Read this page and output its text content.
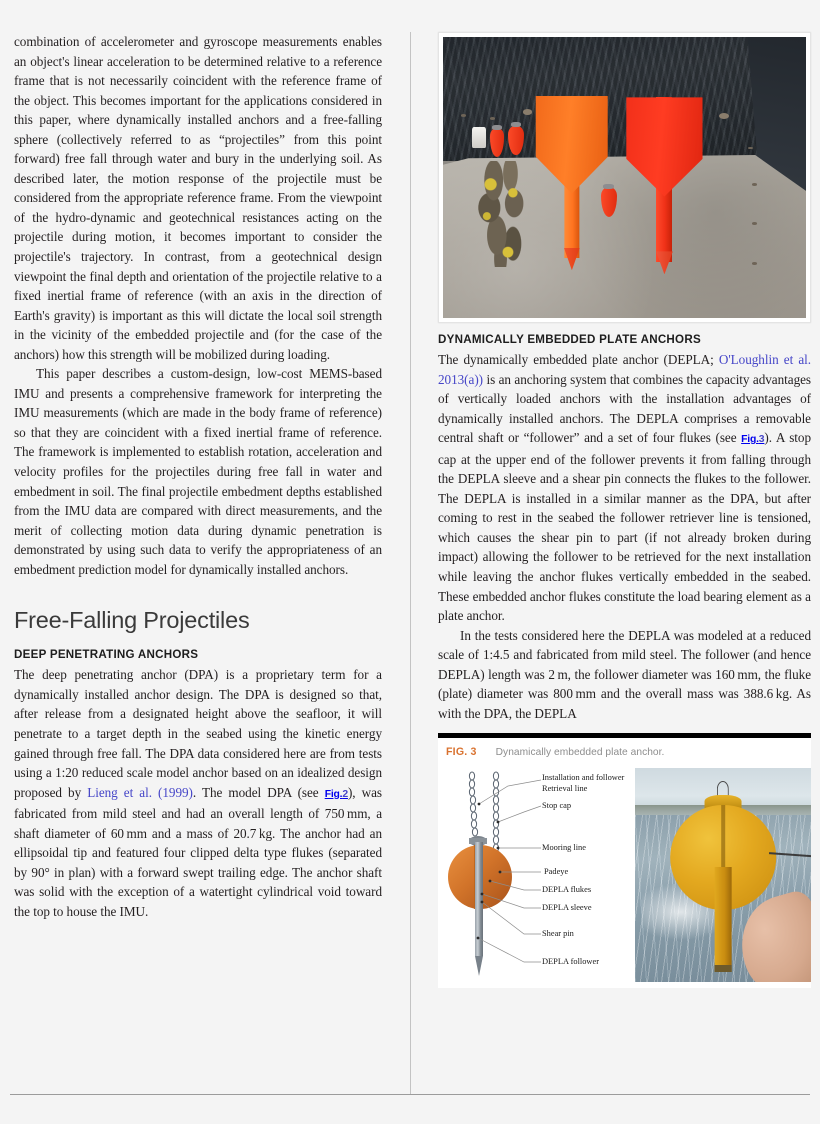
combination of accelerometer and gyroscope measurements enables an object's linear acceleration to be determined relative to a reference frame that is not necessarily coincident with the reference frame of the object. This becomes important for the applications considered in this paper, where dynamically installed anchors and a free-falling sphere (collectively referred to as “projectiles” from this point forward) free fall through water and bury in the underlying soil. As described later, the motion response of the projectile must be considered from the appropriate reference frame. From the viewpoint of the hydro-dynamic and geotechnical resistances acting on the projectile during motion, it becomes important to consider the projectile's trajectory. In contrast, from a geotechnical design viewpoint the final depth and orientation of the projectile relative to a fixed inertial frame of reference (with an axis in the direction of Earth's gravity) is important as this will dictate the local soil strength in the vicinity of the embedded projectile and (for the case of the anchors) how this strength will be mobilized during loading.

This paper describes a custom-design, low-cost MEMS-based IMU and presents a comprehensive framework for interpreting the IMU measurements (which are made in the body frame of reference) so that they are coincident with a fixed inertial frame of reference. The framework is implemented to establish rotation, acceleration and velocity profiles for the projectiles during free fall in water and embedment in soil. The final projectile embedment depths established from the IMU data are compared with direct measurements, and the merit of collecting motion data during dynamic penetration is demonstrated by using such data to verify the appropriateness of an embedment prediction model for dynamically installed anchors.

Free-Falling Projectiles
DEEP PENETRATING ANCHORS

The deep penetrating anchor (DPA) is a proprietary term for a dynamically installed anchor design. The DPA is designed so that, after release from a designated height above the seafloor, it will penetrate to a target depth in the seabed using the kinetic energy gained through free fall. The DPA data considered here are from tests using a 1:20 reduced scale model anchor based on an idealized design proposed by Lieng et al. (1999). The model DPA (see Fig.2), was fabricated from mild steel and had an overall length of 750 mm, a shaft diameter of 60 mm and a mass of 20.7 kg. The anchor had an ellipsoidal tip and featured four clipped delta type flukes (separated by 90° in plan) with a forward swept trailing edge. The anchor shaft was solid with the exception of a watertight cylindrical void toward the top to house the IMU.

DYNAMICALLY EMBEDDED PLATE ANCHORS

The dynamically embedded plate anchor (DEPLA; O'Loughlin et al. 2013(a)) is an anchoring system that combines the capacity advantages of vertically loaded anchors with the installation advantages of dynamically installed anchors. The DEPLA comprises a removable central shaft or “follower” and a set of four flukes (see Fig.3). A stop cap at the upper end of the follower prevents it from falling through the DEPLA sleeve and a shear pin connects the flukes to the follower. The DEPLA is installed in a similar manner as the DPA, but after coming to rest in the seabed the follower retriever line is tensioned, which causes the shear pin to part (if not already broken during impact) allowing the follower to be retrieved for the next installation while leaving the anchor flukes vertically embedded in the seabed. These embedded anchor flukes constitute the load bearing element as a plate anchor.

In the tests considered here the DEPLA was modeled at a reduced scale of 1:4.5 and fabricated from mild steel. The follower (and hence DEPLA) length was 2 m, the follower diameter was 160 mm, the fluke (plate) diameter was 800 mm and the overall mass was 388.6 kg. As with the DPA, the DEPLA

FIG. 3 Dynamically embedded plate anchor.
Installation and follower
Retrieval line
Stop cap
Mooring line
Padeye
DEPLA flukes
DEPLA sleeve
Shear pin
DEPLA follower
